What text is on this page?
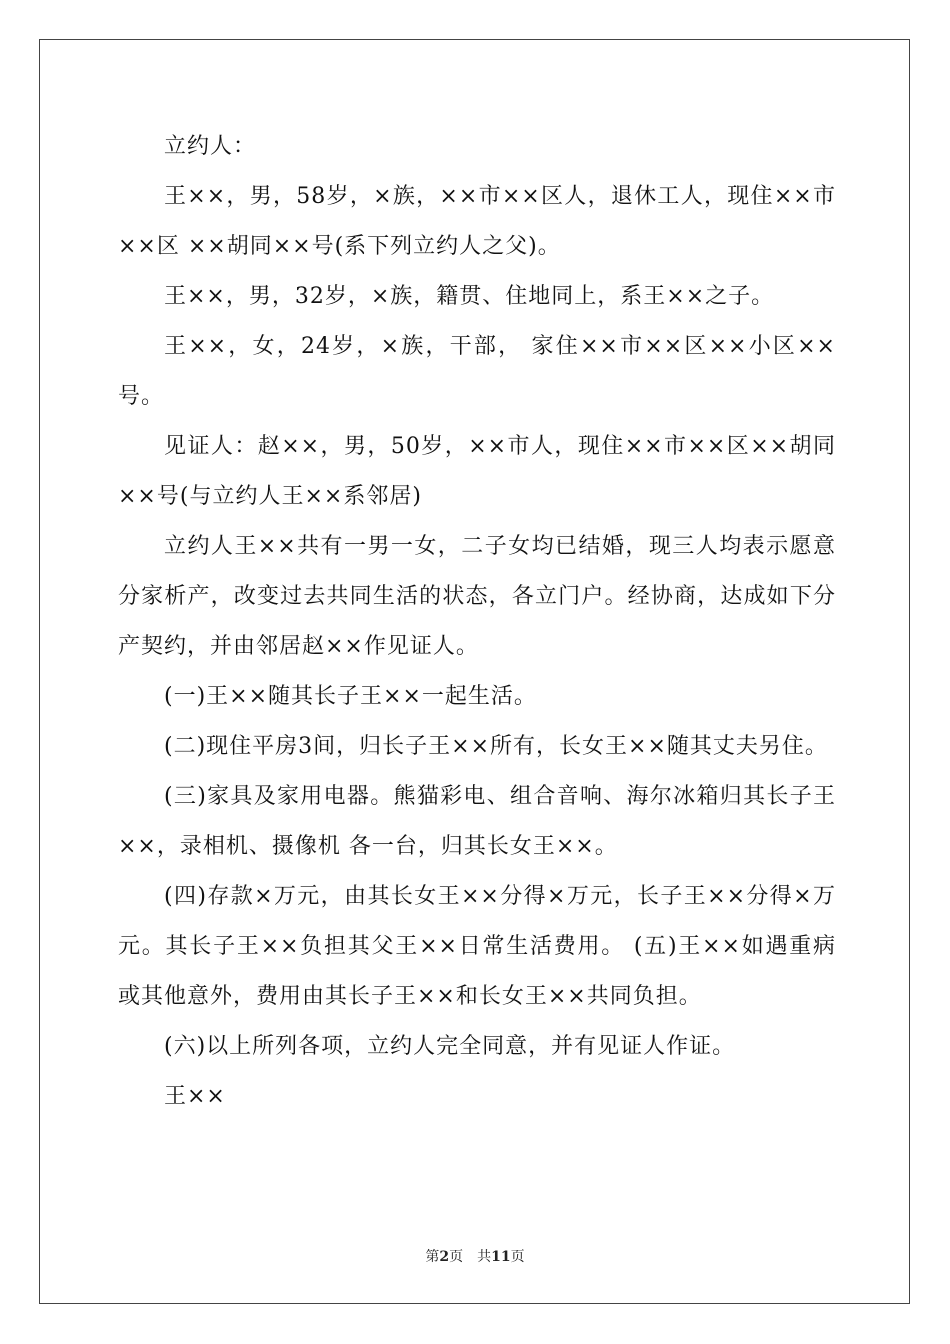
立约人：

王××，男，58岁，×族，××市××区人，退休工人，现住××市××区 ××胡同××号(系下列立约人之父)。

王××，男，32岁，×族，籍贯、住地同上，系王××之子。

王××，女，24岁，×族，干部， 家住××市××区××小区××号。

见证人：赵××，男，50岁，××市人，现住××市××区××胡同××号(与立约人王××系邻居)

立约人王××共有一男一女，二子女均已结婚，现三人均表示愿意分家析产，改变过去共同生活的状态，各立门户。经协商，达成如下分产契约，并由邻居赵××作见证人。

(一)王××随其长子王××一起生活。

(二)现住平房3间，归长子王××所有，长女王××随其丈夫另住。

(三)家具及家用电器。熊猫彩电、组合音响、海尔冰箱归其长子王××，录相机、摄像机 各一台，归其长女王××。

(四)存款×万元，由其长女王××分得×万元，长子王××分得×万元。其长子王××负担其父王××日常生活费用。 (五)王××如遇重病或其他意外，费用由其长子王××和长女王××共同负担。

(六)以上所列各项，立约人完全同意，并有见证人作证。

王××

第2页　共11页
